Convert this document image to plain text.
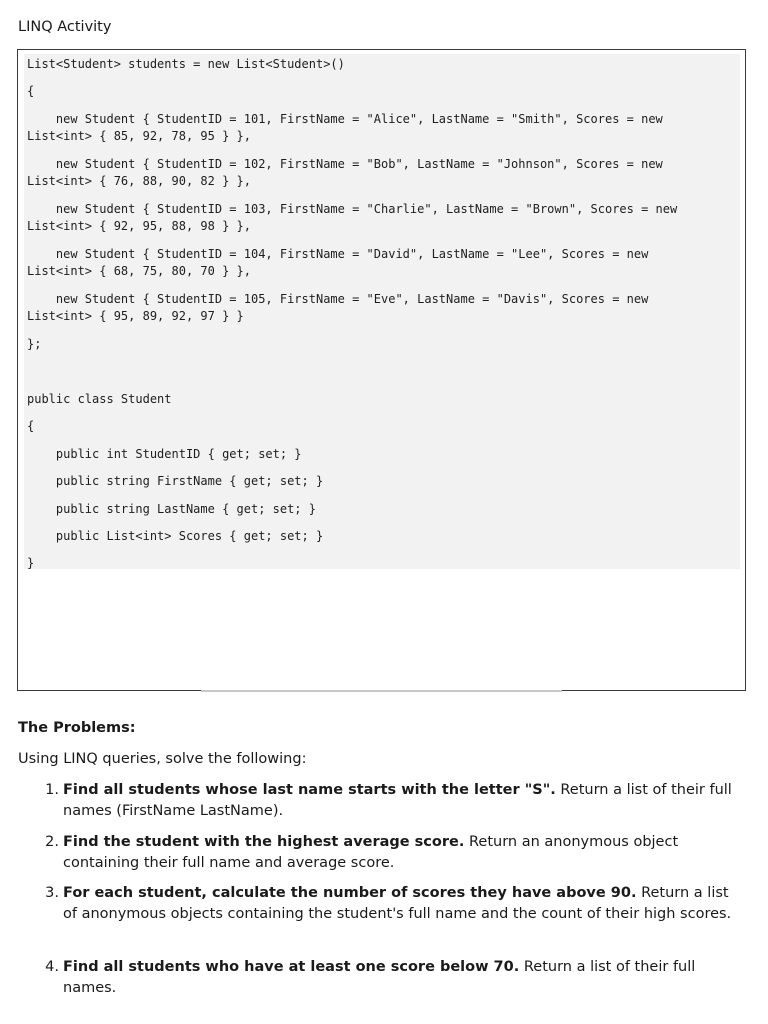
LINQ Activity
List<Student> students = new List<Student>()
{
new Student { StudentID = 101, FirstName = "Alice", LastName = "Smith", Scores = new
List<int> { 85, 92, 78, 95 } },
new Student { StudentID = 102, FirstName = "Bob", LastName = "Johnson", Scores = new
List<int> { 76, 88, 90, 82 } },
new Student { StudentID = 103, FirstName = "Charlie", LastName = "Brown", Scores = new
List<int> { 92, 95, 88, 98 } },
new Student { StudentID = 104, FirstName = "David", LastName = "Lee", Scores = new
List<int> { 68, 75, 80, 70 } },
new Student { StudentID = 105, FirstName = "Eve", LastName = "Davis", Scores = new
List<int> { 95, 89, 92, 97 } }
};
public class Student
{
public int StudentID { get; set; }
public string FirstName { get; set; }
public string LastName { get; set; }
public List<int> Scores { get; set; }
}
The Problems:
Using LINQ queries, solve the following:
1. Find all students whose last name starts with the letter "S". Return a list of their full names (FirstName LastName).
2. Find the student with the highest average score. Return an anonymous object containing their full name and average score.
3. For each student, calculate the number of scores they have above 90. Return a list of anonymous objects containing the student's full name and the count of their high scores.
4. Find all students who have at least one score below 70. Return a list of their full names.
